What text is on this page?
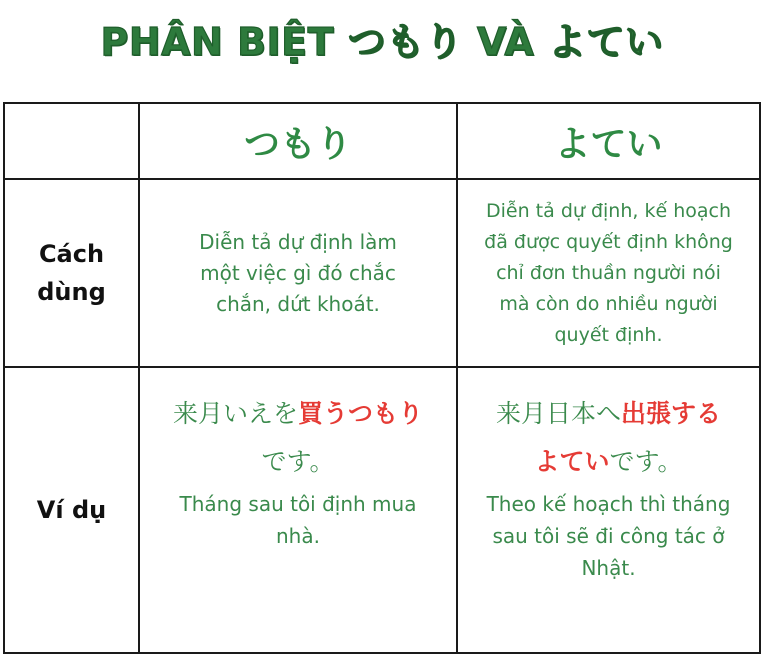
PHÂN BIỆT つもり VÀ よてい
つもり	よてい
Cách
dùng
Diễn tả dự định làm
một việc gì đó chắc
chắn, dứt khoát.
Diễn tả dự định, kế hoạch
đã được quyết định không
chỉ đơn thuần người nói
mà còn do nhiều người
quyết định.
Ví dụ
来月いえを買うつもり
です。
Tháng sau tôi định mua
nhà.
来月日本へ出張する
よていです。
Theo kế hoạch thì tháng
sau tôi sẽ đi công tác ở
Nhật.
